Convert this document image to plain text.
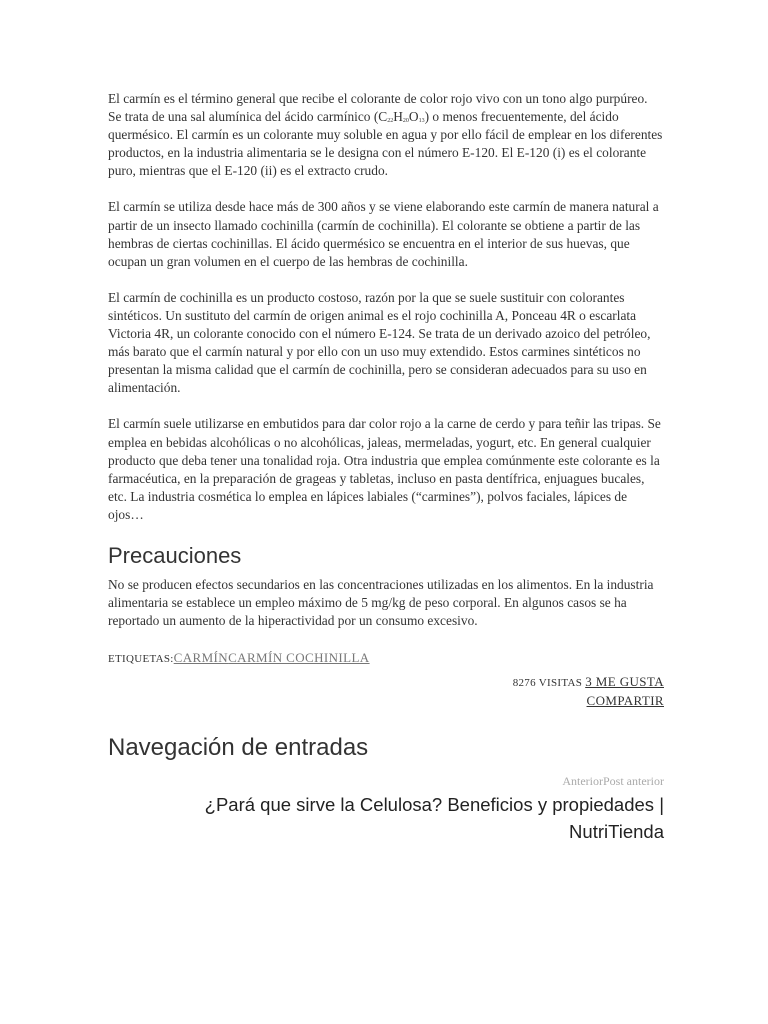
El carmín es el término general que recibe el colorante de color rojo vivo con un tono algo purpúreo. Se trata de una sal alumínica del ácido carmínico $(C_{22}H_{20}O_{13})$ o menos frecuentemente, del ácido quermésico. El carmín es un colorante muy soluble en agua y por ello fácil de emplear en los diferentes productos, en la industria alimentaria se le designa con el número E-120. El E-120 (i) es el colorante puro, mientras que el E-120 (ii) es el extracto crudo.

El carmín se utiliza desde hace más de 300 años y se viene elaborando este carmín de manera natural a partir de un insecto llamado cochinilla (carmín de cochinilla). El colorante se obtiene a partir de las hembras de ciertas cochinillas. El ácido quermésico se encuentra en el interior de sus huevas, que ocupan un gran volumen en el cuerpo de las hembras de cochinilla.

El carmín de cochinilla es un producto costoso, razón por la que se suele sustituir con colorantes sintéticos. Un sustituto del carmín de origen animal es el rojo cochinilla A, Ponceau 4R o escarlata Victoria 4R, un colorante conocido con el número E-124. Se trata de un derivado azoico del petróleo, más barato que el carmín natural y por ello con un uso muy extendido. Estos carmines sintéticos no presentan la misma calidad que el carmín de cochinilla, pero se consideran adecuados para su uso en alimentación.

El carmín suele utilizarse en embutidos para dar color rojo a la carne de cerdo y para teñir las tripas. Se emplea en bebidas alcohólicas o no alcohólicas, jaleas, mermeladas, yogurt, etc. En general cualquier producto que deba tener una tonalidad roja. Otra industria que emplea comúnmente este colorante es la farmacéutica, en la preparación de grageas y tabletas, incluso en pasta dentífrica, enjuagues bucales, etc. La industria cosmética lo emplea en lápices labiales (“carmines”), polvos faciales, lápices de ojos…

Precauciones

No se producen efectos secundarios en las concentraciones utilizadas en los alimentos. En la industria alimentaria se establece un empleo máximo de 5 mg/kg de peso corporal. En algunos casos se ha reportado un aumento de la hiperactividad por un consumo excesivo.

ETIQUETAS:CARMÍNCARMÍN COCHINILLA
8276 VISITAS 3 ME GUSTA
COMPARTIR
Navegación de entradas
AnteriorPost anterior
¿Pará que sirve la Celulosa? Beneficios y propiedades | NutriTienda
